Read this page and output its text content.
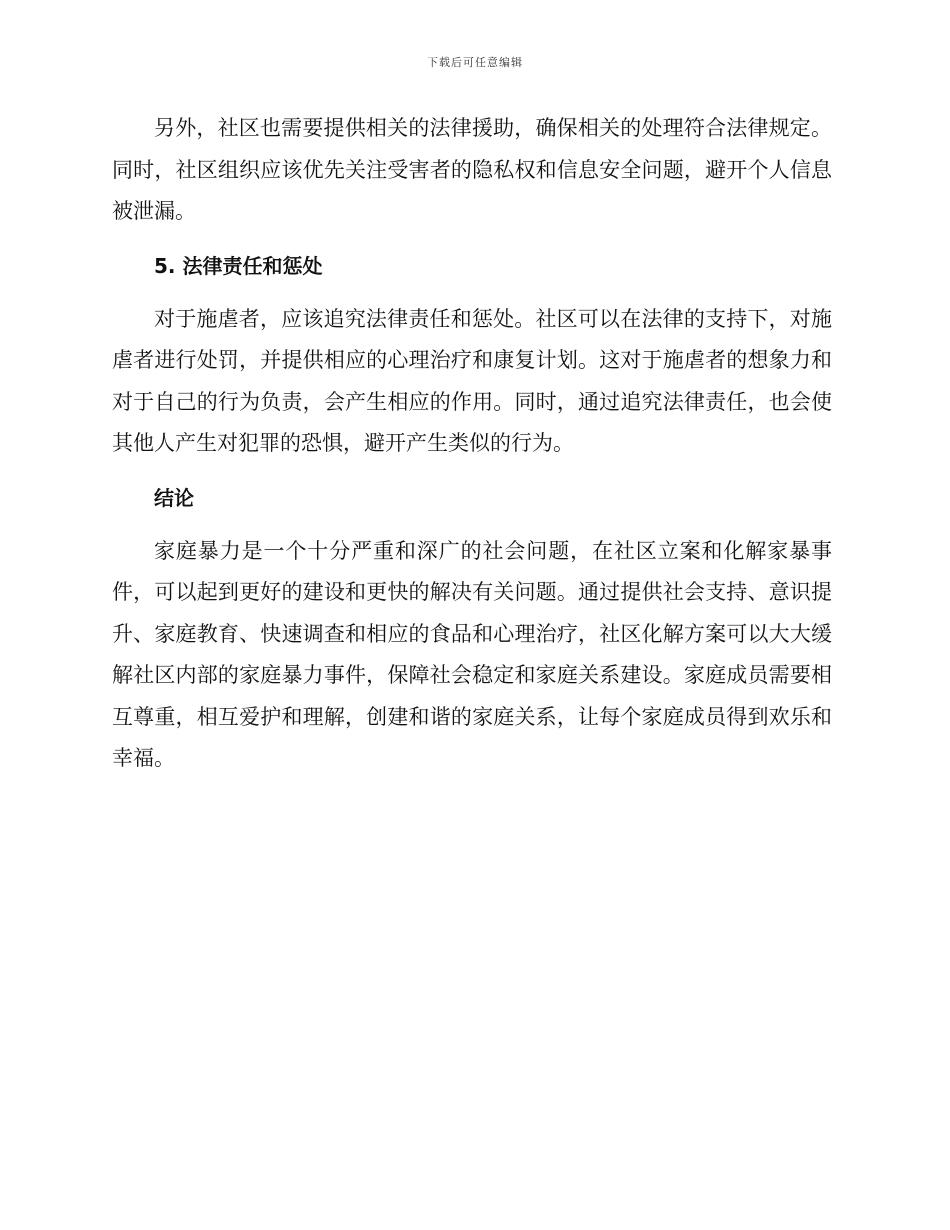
下载后可任意编辑

另外，社区也需要提供相关的法律援助，确保相关的处理符合法律规定。同时，社区组织应该优先关注受害者的隐私权和信息安全问题，避开个人信息被泄漏。

5. 法律责任和惩处

对于施虐者，应该追究法律责任和惩处。社区可以在法律的支持下，对施虐者进行处罚，并提供相应的心理治疗和康复计划。这对于施虐者的想象力和对于自己的行为负责，会产生相应的作用。同时，通过追究法律责任，也会使其他人产生对犯罪的恐惧，避开产生类似的行为。

结论

家庭暴力是一个十分严重和深广的社会问题，在社区立案和化解家暴事件，可以起到更好的建设和更快的解决有关问题。通过提供社会支持、意识提升、家庭教育、快速调查和相应的食品和心理治疗，社区化解方案可以大大缓解社区内部的家庭暴力事件，保障社会稳定和家庭关系建设。家庭成员需要相互尊重，相互爱护和理解，创建和谐的家庭关系，让每个家庭成员得到欢乐和幸福。
